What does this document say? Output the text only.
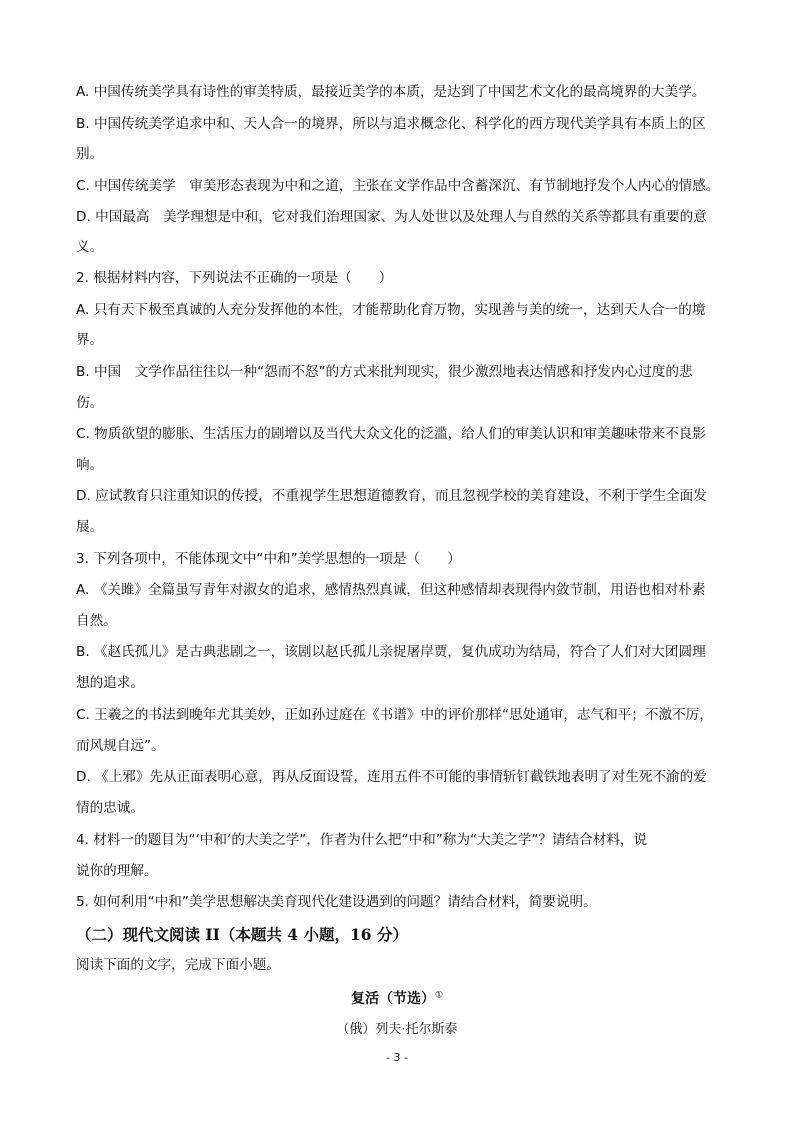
A. 中国传统美学具有诗性的审美特质，最接近美学的本质，是达到了中国艺术文化的最高境界的大美学。
B. 中国传统美学追求中和、天人合一的境界，所以与追求概念化、科学化的西方现代美学具有本质上的区
别。
C. 中国传统美学　审美形态表现为中和之道，主张在文学作品中含蓄深沉、有节制地抒发个人内心的情感。
D. 中国最高　美学理想是中和，它对我们治理国家、为人处世以及处理人与自然的关系等都具有重要的意
义。
2. 根据材料内容，下列说法不正确的一项是（　　）
A. 只有天下极至真诚的人充分发挥他的本性，才能帮助化育万物，实现善与美的统一，达到天人合一的境
界。
B. 中国　文学作品往往以一种“怨而不怒”的方式来批判现实，很少激烈地表达情感和抒发内心过度的悲
伤。
C. 物质欲望的膨胀、生活压力的剧增以及当代大众文化的泛滥，给人们的审美认识和审美趣味带来不良影
响。
D. 应试教育只注重知识的传授，不重视学生思想道德教育，而且忽视学校的美育建设，不利于学生全面发
展。
3. 下列各项中，不能体现文中“中和”美学思想的一项是（　　）
A. 《关雎》全篇虽写青年对淑女的追求，感情热烈真诚，但这种感情却表现得内敛节制，用语也相对朴素
自然。
B. 《赵氏孤儿》是古典悲剧之一，该剧以赵氏孤儿亲捉屠岸贾，复仇成功为结局，符合了人们对大团圆理
想的追求。
C. 王羲之的书法到晚年尤其美妙，正如孙过庭在《书谱》中的评价那样“思处通审，志气和平；不激不厉，
而风规自远”。
D. 《上邪》先从正面表明心意，再从反面设誓，连用五件不可能的事情斩钉截铁地表明了对生死不渝的爱
情的忠诚。
4. 材料一的题目为“‘中和’的大美之学”，作者为什么把“中和”称为“大美之学”？请结合材料，说
说你的理解。
5. 如何利用“中和”美学思想解决美育现代化建设遇到的问题？请结合材料，简要说明。
（二）现代文阅读 II（本题共 4 小题，16 分）
阅读下面的文字，完成下面小题。
复活（节选）①
（俄）列夫·托尔斯泰
- 3 -
